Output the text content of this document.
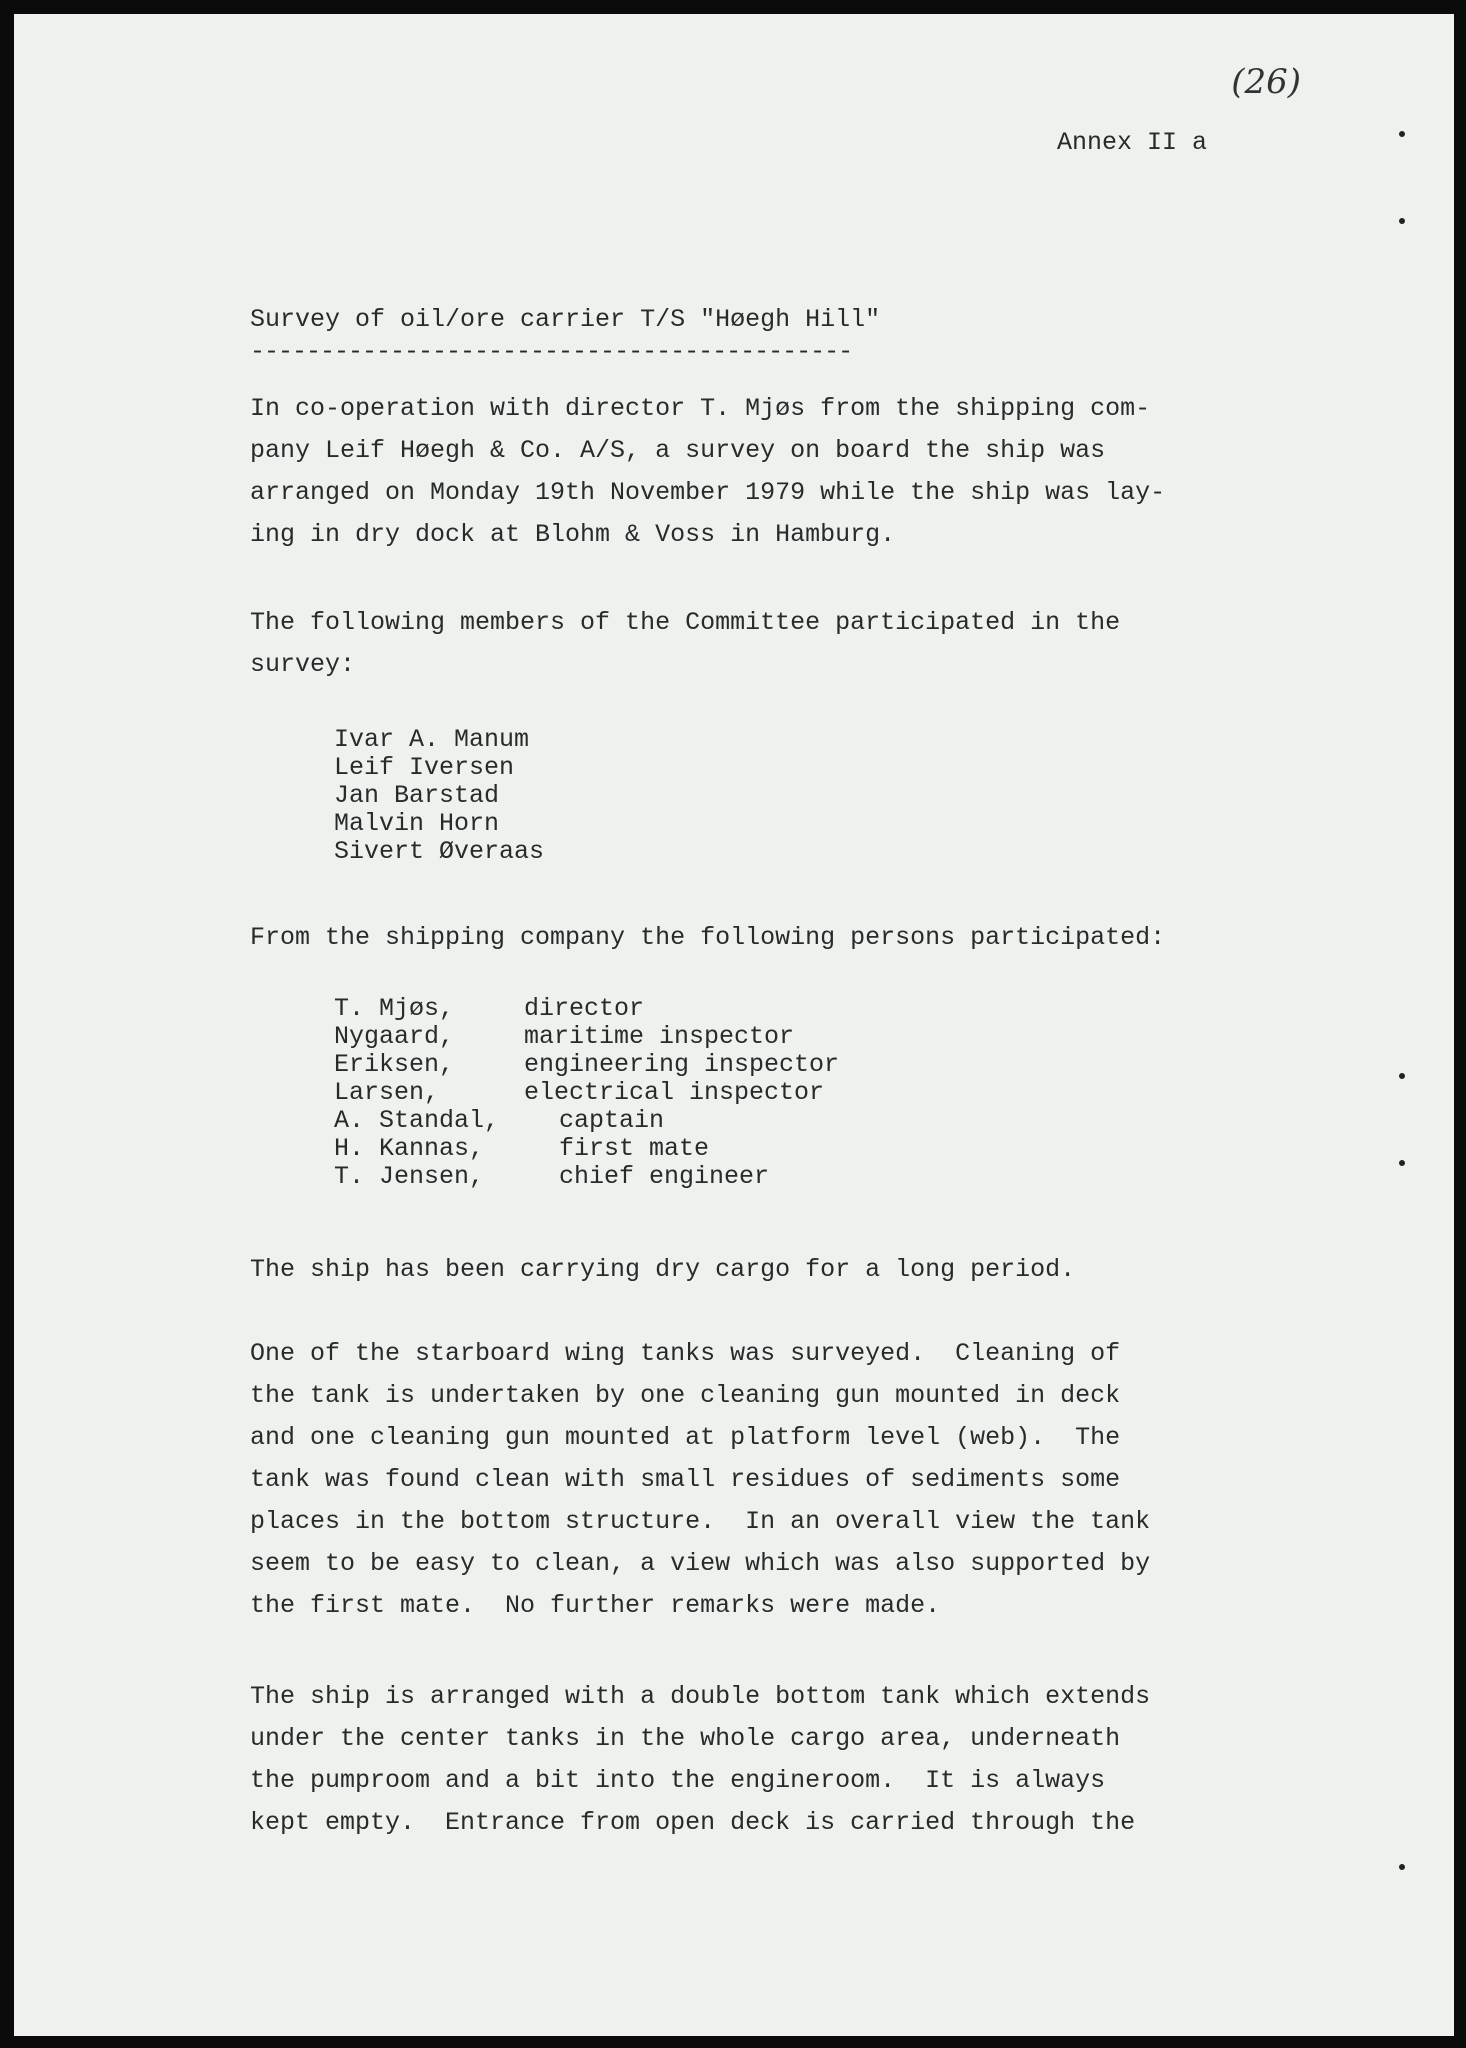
(26)
Annex II a
Survey of oil/ore carrier T/S "Høegh Hill"
-------------------------------------------
In co-operation with director T. Mjøs from the shipping com-
pany Leif Høegh & Co. A/S, a survey on board the ship was
arranged on Monday 19th November 1979 while the ship was lay-
ing in dry dock at Blohm & Voss in Hamburg.
The following members of the Committee participated in the
survey:
Ivar A. Manum
Leif Iversen
Jan Barstad
Malvin Horn
Sivert Øveraas
From the shipping company the following persons participated:
T. Mjøs,	director
Nygaard,	maritime inspector
Eriksen,	engineering inspector
Larsen,	electrical inspector
A. Standal, captain
H. Kannas,	first mate
T. Jensen,	chief engineer
The ship has been carrying dry cargo for a long period.
One of the starboard wing tanks was surveyed.  Cleaning of
the tank is undertaken by one cleaning gun mounted in deck
and one cleaning gun mounted at platform level (web).  The
tank was found clean with small residues of sediments some
places in the bottom structure.  In an overall view the tank
seem to be easy to clean, a view which was also supported by
the first mate.  No further remarks were made.
The ship is arranged with a double bottom tank which extends
under the center tanks in the whole cargo area, underneath
the pumproom and a bit into the engineroom.  It is always
kept empty.  Entrance from open deck is carried through the
